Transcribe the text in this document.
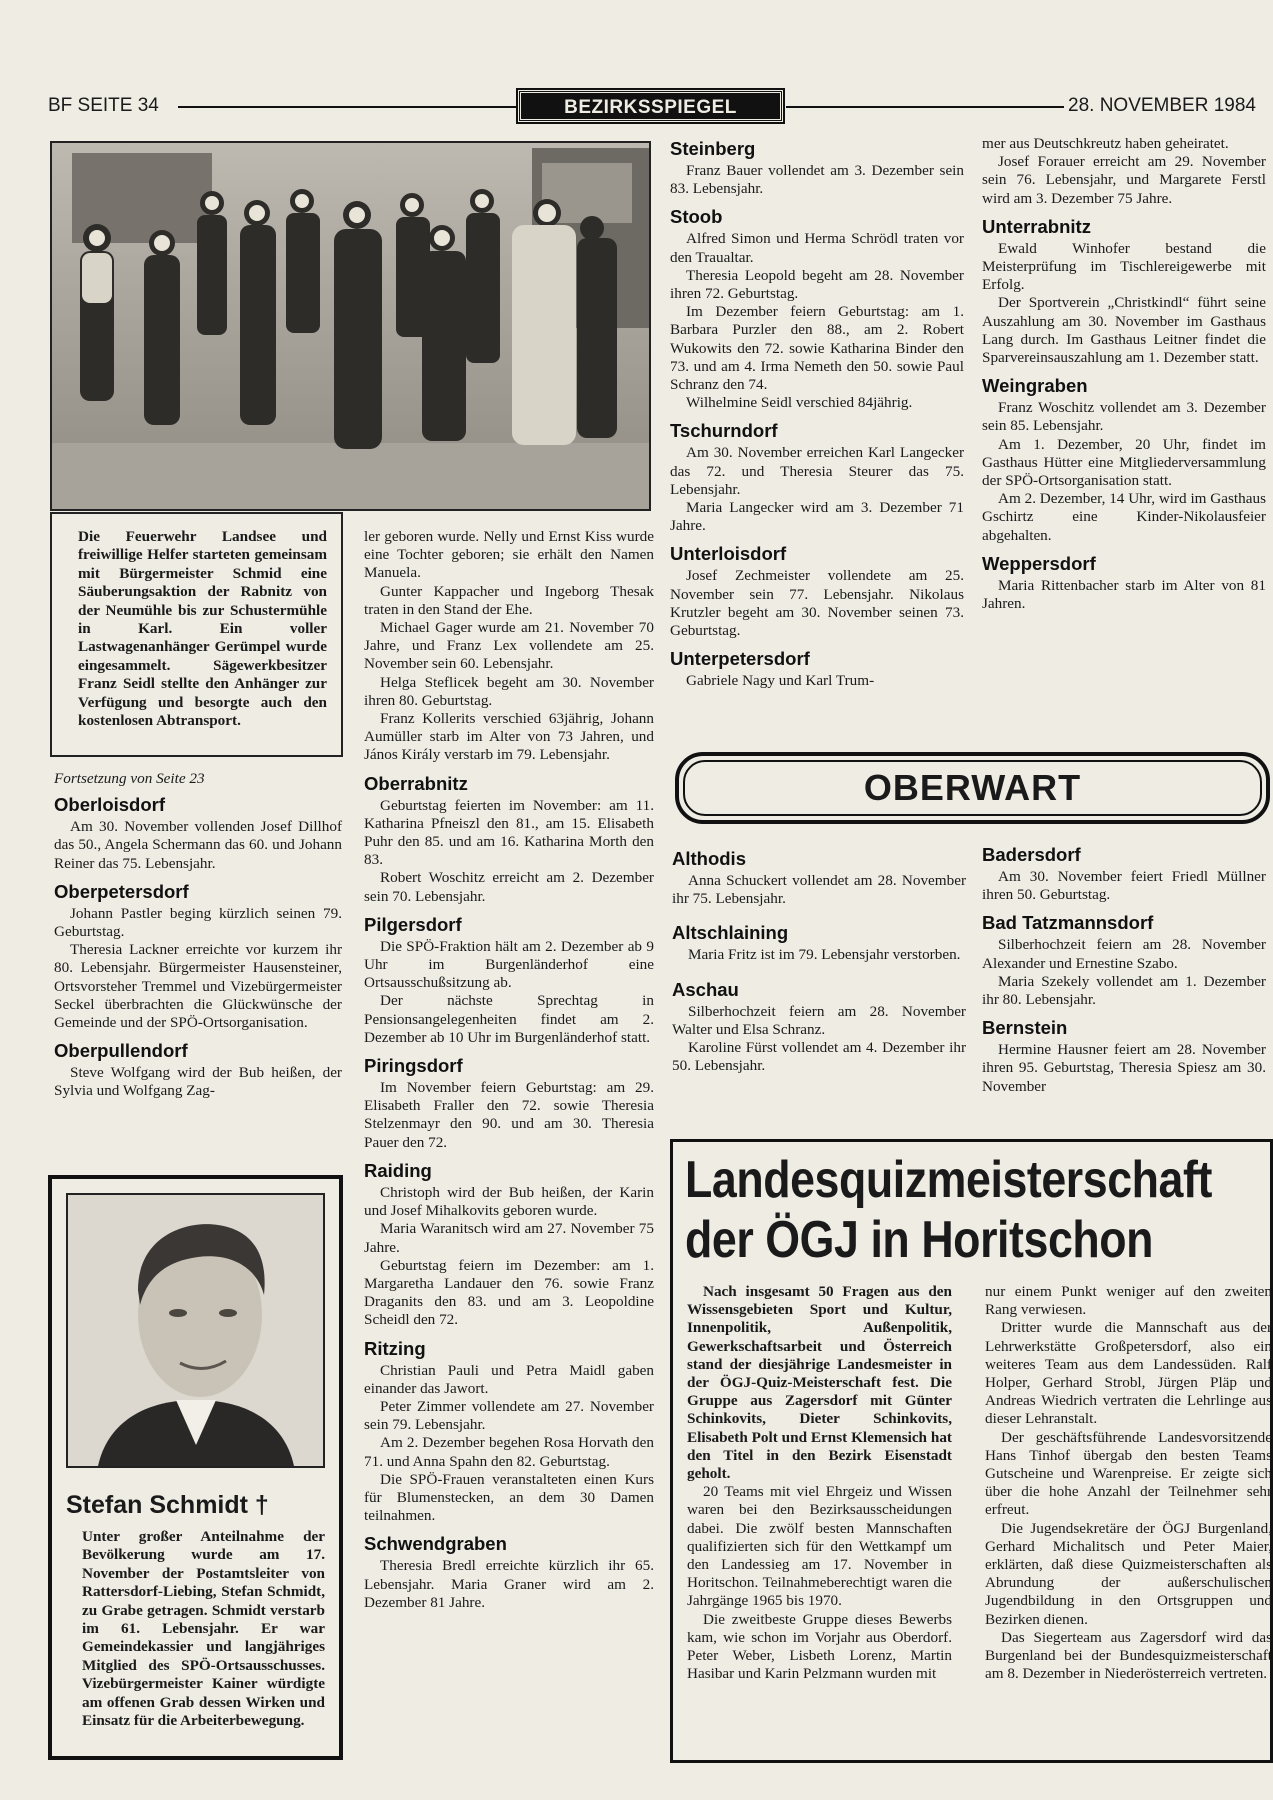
BF SEITE 34	BEZIRKSSPIEGEL	28. NOVEMBER 1984
Die Feuerwehr Landsee und freiwillige Helfer starteten gemeinsam mit Bürgermeister Schmid eine Säuberungsaktion der Rabnitz von der Neumühle bis zur Schustermühle in Karl. Ein voller Lastwagenanhänger Gerümpel wurde eingesammelt. Sägewerkbesitzer Franz Seidl stellte den Anhänger zur Verfügung und besorgte auch den kostenlosen Abtransport.

Fortsetzung von Seite 23

Oberloisdorf

Am 30. November vollenden Josef Dillhof das 50., Angela Schermann das 60. und Johann Reiner das 75. Lebensjahr.

Oberpetersdorf

Johann Pastler beging kürzlich seinen 79. Geburtstag.

Theresia Lackner erreichte vor kurzem ihr 80. Lebensjahr. Bürgermeister Hausensteiner, Ortsvorsteher Tremmel und Vizebürgermeister Seckel überbrachten die Glückwünsche der Gemeinde und der SPÖ-Ortsorganisation.

Oberpullendorf

Steve Wolfgang wird der Bub heißen, der Sylvia und Wolfgang Zag-

Stefan Schmidt †
Unter großer Anteilnahme der Bevölkerung wurde am 17. November der Postamtsleiter von Rattersdorf-Liebing, Stefan Schmidt, zu Grabe getragen. Schmidt verstarb im 61. Lebensjahr. Er war Gemeindekassier und langjähriges Mitglied des SPÖ-Ortsausschusses. Vizebürgermeister Kainer würdigte am offenen Grab dessen Wirken und Einsatz für die Arbeiterbewegung.

ler geboren wurde. Nelly und Ernst Kiss wurde eine Tochter geboren; sie erhält den Namen Manuela.

Gunter Kappacher und Ingeborg Thesak traten in den Stand der Ehe.

Michael Gager wurde am 21. November 70 Jahre, und Franz Lex vollendete am 25. November sein 60. Lebensjahr.

Helga Steflicek begeht am 30. November ihren 80. Geburtstag.

Franz Kollerits verschied 63jährig, Johann Aumüller starb im Alter von 73 Jahren, und János Király verstarb im 79. Lebensjahr.

Oberrabnitz

Geburtstag feierten im November: am 11. Katharina Pfneiszl den 81., am 15. Elisabeth Puhr den 85. und am 16. Katharina Morth den 83.

Robert Woschitz erreicht am 2. Dezember sein 70. Lebensjahr.

Pilgersdorf

Die SPÖ-Fraktion hält am 2. Dezember ab 9 Uhr im Burgenländerhof eine Ortsausschußsitzung ab.

Der nächste Sprechtag in Pensionsangelegenheiten findet am 2. Dezember ab 10 Uhr im Burgenländerhof statt.

Piringsdorf

Im November feiern Geburtstag: am 29. Elisabeth Fraller den 72. sowie Theresia Stelzenmayr den 90. und am 30. Theresia Pauer den 72.

Raiding

Christoph wird der Bub heißen, der Karin und Josef Mihalkovits geboren wurde.

Maria Waranitsch wird am 27. November 75 Jahre.

Geburtstag feiern im Dezember: am 1. Margaretha Landauer den 76. sowie Franz Draganits den 83. und am 3. Leopoldine Scheidl den 72.

Ritzing

Christian Pauli und Petra Maidl gaben einander das Jawort.

Peter Zimmer vollendete am 27. November sein 79. Lebensjahr.

Am 2. Dezember begehen Rosa Horvath den 71. und Anna Spahn den 82. Geburtstag.

Die SPÖ-Frauen veranstalteten einen Kurs für Blumenstecken, an dem 30 Damen teilnahmen.

Schwendgraben

Theresia Bredl erreichte kürzlich ihr 65. Lebensjahr. Maria Graner wird am 2. Dezember 81 Jahre.

Steinberg

Franz Bauer vollendet am 3. Dezember sein 83. Lebensjahr.

Stoob

Alfred Simon und Herma Schrödl traten vor den Traualtar.

Theresia Leopold begeht am 28. November ihren 72. Geburtstag.

Im Dezember feiern Geburtstag: am 1. Barbara Purzler den 88., am 2. Robert Wukowits den 72. sowie Katharina Binder den 73. und am 4. Irma Nemeth den 50. sowie Paul Schranz den 74.

Wilhelmine Seidl verschied 84jährig.

Tschurndorf

Am 30. November erreichen Karl Langecker das 72. und Theresia Steurer das 75. Lebensjahr.

Maria Langecker wird am 3. Dezember 71 Jahre.

Unterloisdorf

Josef Zechmeister vollendete am 25. November sein 77. Lebensjahr. Nikolaus Krutzler begeht am 30. November seinen 73. Geburtstag.

Unterpetersdorf

Gabriele Nagy und Karl Trum-

mer aus Deutschkreutz haben geheiratet.

Josef Forauer erreicht am 29. November sein 76. Lebensjahr, und Margarete Ferstl wird am 3. Dezember 75 Jahre.

Unterrabnitz

Ewald Winhofer bestand die Meisterprüfung im Tischlereigewerbe mit Erfolg.

Der Sportverein „Christkindl“ führt seine Auszahlung am 30. November im Gasthaus Lang durch. Im Gasthaus Leitner findet die Sparvereinsauszahlung am 1. Dezember statt.

Weingraben

Franz Woschitz vollendet am 3. Dezember sein 85. Lebensjahr.

Am 1. Dezember, 20 Uhr, findet im Gasthaus Hütter eine Mitgliederversammlung der SPÖ-Ortsorganisation statt.

Am 2. Dezember, 14 Uhr, wird im Gasthaus Gschirtz eine Kinder-Nikolausfeier abgehalten.

Weppersdorf

Maria Rittenbacher starb im Alter von 81 Jahren.

OBERWART
Althodis

Anna Schuckert vollendet am 28. November ihr 75. Lebensjahr.

Altschlaining

Maria Fritz ist im 79. Lebensjahr verstorben.

Aschau

Silberhochzeit feiern am 28. November Walter und Elsa Schranz.

Karoline Fürst vollendet am 4. Dezember ihr 50. Lebensjahr.

Badersdorf

Am 30. November feiert Friedl Müllner ihren 50. Geburtstag.

Bad Tatzmannsdorf

Silberhochzeit feiern am 28. November Alexander und Ernestine Szabo.

Maria Szekely vollendet am 1. Dezember ihr 80. Lebensjahr.

Bernstein

Hermine Hausner feiert am 28. November ihren 95. Geburtstag, Theresia Spiesz am 30. November

Landesquizmeisterschaft
der ÖGJ in Horitschon

Nach insgesamt 50 Fragen aus den Wissensgebieten Sport und Kultur, Innenpolitik, Außenpolitik, Gewerkschaftsarbeit und Österreich stand der diesjährige Landesmeister in der ÖGJ-Quiz-Meisterschaft fest. Die Gruppe aus Zagersdorf mit Günter Schinkovits, Dieter Schinkovits, Elisabeth Polt und Ernst Klemensich hat den Titel in den Bezirk Eisenstadt geholt.

20 Teams mit viel Ehrgeiz und Wissen waren bei den Bezirksausscheidungen dabei. Die zwölf besten Mannschaften qualifizierten sich für den Wettkampf um den Landessieg am 17. November in Horitschon. Teilnahmeberechtigt waren die Jahrgänge 1965 bis 1970.

Die zweitbeste Gruppe dieses Bewerbs kam, wie schon im Vorjahr aus Oberdorf. Peter Weber, Lisbeth Lorenz, Martin Hasibar und Karin Pelzmann wurden mit

nur einem Punkt weniger auf den zweiten Rang verwiesen.

Dritter wurde die Mannschaft aus der Lehrwerkstätte Großpetersdorf, also ein weiteres Team aus dem Landessüden. Ralf Holper, Gerhard Strobl, Jürgen Pläp und Andreas Wiedrich vertraten die Lehrlinge aus dieser Lehranstalt.

Der geschäftsführende Landesvorsitzende Hans Tinhof übergab den besten Teams Gutscheine und Warenpreise. Er zeigte sich über die hohe Anzahl der Teilnehmer sehr erfreut.

Die Jugendsekretäre der ÖGJ Burgenland, Gerhard Michalitsch und Peter Maier, erklärten, daß diese Quizmeisterschaften als Abrundung der außerschulischen Jugendbildung in den Ortsgruppen und Bezirken dienen.

Das Siegerteam aus Zagersdorf wird das Burgenland bei der Bundesquizmeisterschaft am 8. Dezember in Niederösterreich vertreten.
